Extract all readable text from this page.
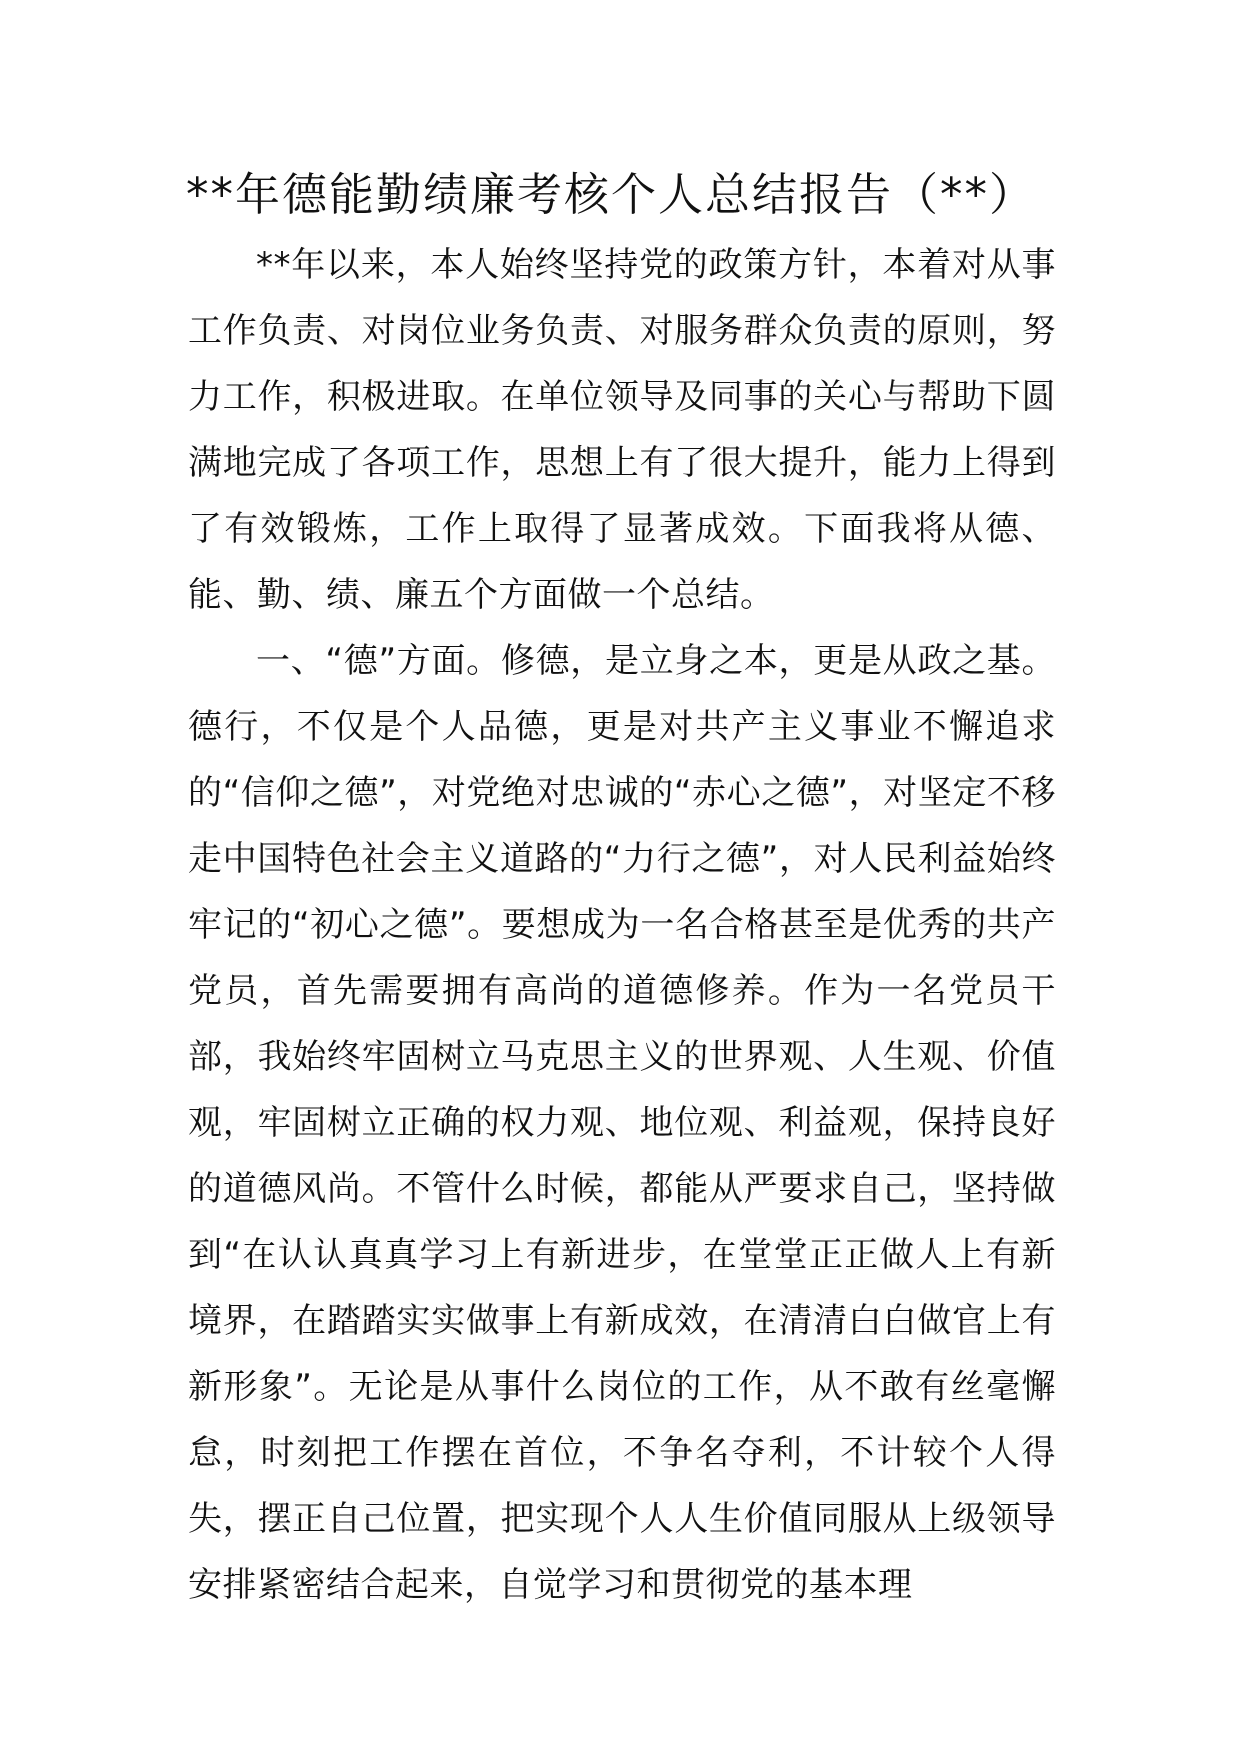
**年德能勤绩廉考核个人总结报告（**）

**年以来，本人始终坚持党的政策方针，本着对从事工作负责、对岗位业务负责、对服务群众负责的原则，努力工作，积极进取。在单位领导及同事的关心与帮助下圆满地完成了各项工作，思想上有了很大提升，能力上得到了有效锻炼，工作上取得了显著成效。下面我将从德、能、勤、绩、廉五个方面做一个总结。

一、“德”方面。修德，是立身之本，更是从政之基。德行，不仅是个人品德，更是对共产主义事业不懈追求的“信仰之德”，对党绝对忠诚的“赤心之德”，对坚定不移走中国特色社会主义道路的“力行之德”，对人民利益始终牢记的“初心之德”。要想成为一名合格甚至是优秀的共产党员，首先需要拥有高尚的道德修养。作为一名党员干部，我始终牢固树立马克思主义的世界观、人生观、价值观，牢固树立正确的权力观、地位观、利益观，保持良好的道德风尚。不管什么时候，都能从严要求自己，坚持做到“在认认真真学习上有新进步，在堂堂正正做人上有新境界，在踏踏实实做事上有新成效，在清清白白做官上有新形象”。无论是从事什么岗位的工作，从不敢有丝毫懈怠，时刻把工作摆在首位，不争名夺利，不计较个人得失，摆正自己位置，把实现个人人生价值同服从上级领导安排紧密结合起来，自觉学习和贯彻党的基本理
